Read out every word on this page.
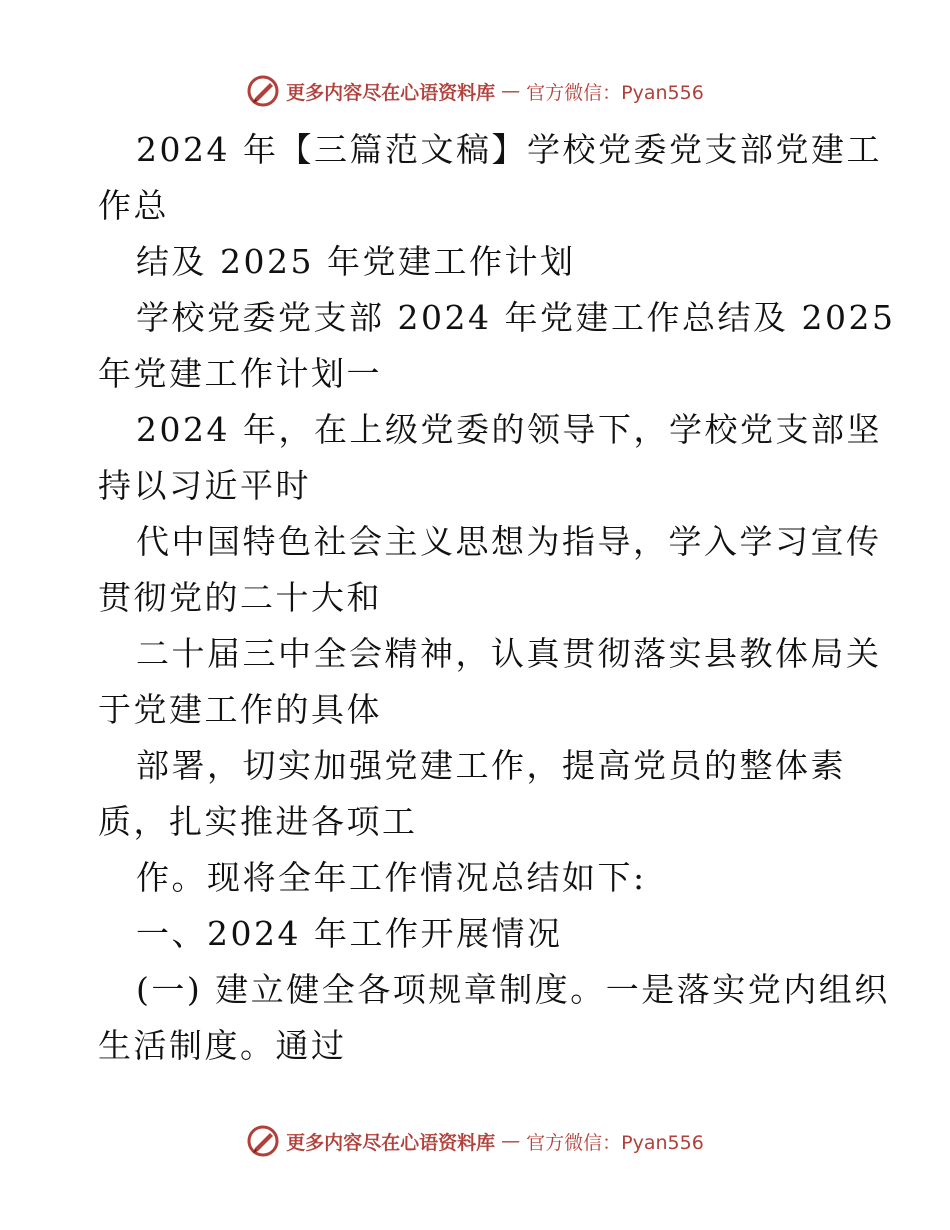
更多内容尽在心语资料库 — 官方微信：Pyan556
2024 年【三篇范文稿】学校党委党支部党建工
作总
结及 2025 年党建工作计划
学校党委党支部 2024 年党建工作总结及 2025
年党建工作计划一
2024 年，在上级党委的领导下，学校党支部坚
持以习近平时
代中国特色社会主义思想为指导，学入学习宣传
贯彻党的二十大和
二十届三中全会精神，认真贯彻落实县教体局关
于党建工作的具体
部署，切实加强党建工作，提高党员的整体素
质，扎实推进各项工
作。现将全年工作情况总结如下:
一、2024 年工作开展情况
(一) 建立健全各项规章制度。一是落实党内组织
生活制度。通过
更多内容尽在心语资料库 — 官方微信：Pyan556
